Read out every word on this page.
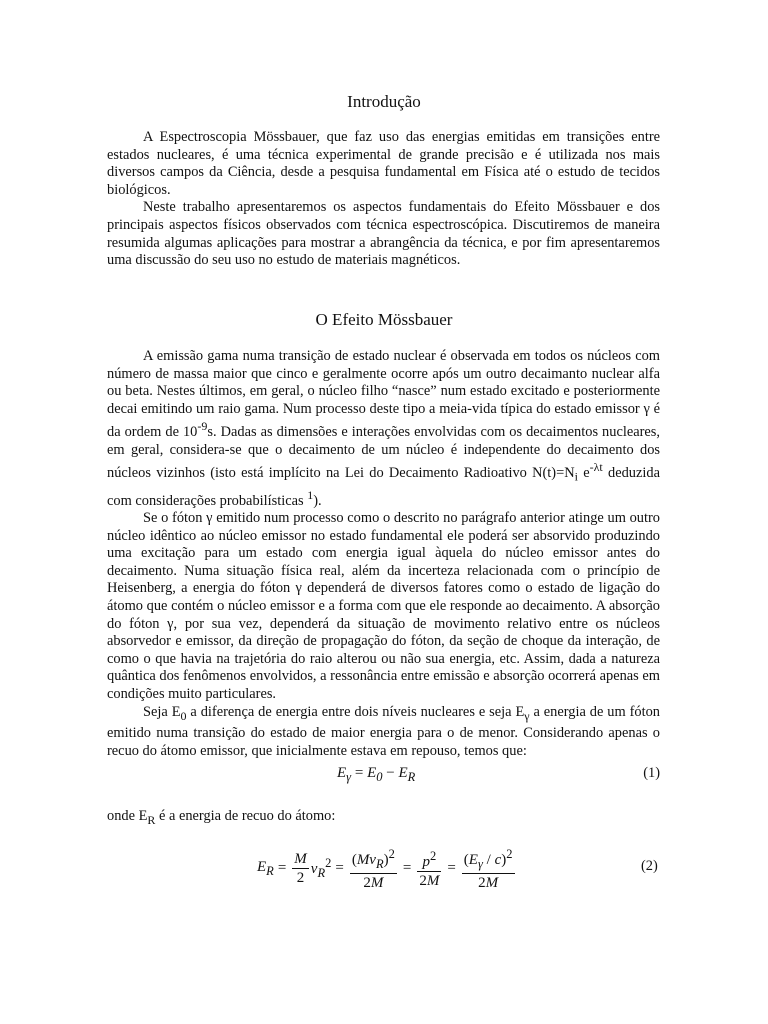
Introdução

A Espectroscopia Mössbauer, que faz uso das energias emitidas em transições entre estados nucleares, é uma técnica experimental de grande precisão e é utilizada nos mais diversos campos da Ciência, desde a pesquisa fundamental em Física até o estudo de tecidos biológicos.

Neste trabalho apresentaremos os aspectos fundamentais do Efeito Mössbauer e dos principais aspectos físicos observados com técnica espectroscópica. Discutiremos de maneira resumida algumas aplicações para mostrar a abrangência da técnica, e por fim apresentaremos uma discussão do seu uso no estudo de materiais magnéticos.

O Efeito Mössbauer

A emissão gama numa transição de estado nuclear é observada em todos os núcleos com número de massa maior que cinco e geralmente ocorre após um outro decaimanto nuclear alfa ou beta. Nestes últimos, em geral, o núcleo filho “nasce” num estado excitado e posteriormente decai emitindo um raio gama. Num processo deste tipo a meia-vida típica do estado emissor γ é da ordem de $10^{-9}s$. Dadas as dimensões e interações envolvidas com os decaimentos nucleares, em geral, considera-se que o decaimento de um núcleo é independente do decaimento dos núcleos vizinhos (isto está implícito na Lei do Decaimento Radioativo $N(t)=N_i$ $e^{-\lambda t}$ deduzida com considerações probabilísticas $^1$).

Se o fóton γ emitido num processo como o descrito no parágrafo anterior atinge um outro núcleo idêntico ao núcleo emissor no estado fundamental ele poderá ser absorvido produzindo uma excitação para um estado com energia igual àquela do núcleo emissor antes do decaimento. Numa situação física real, além da incerteza relacionada com o princípio de Heisenberg, a energia do fóton γ dependerá de diversos fatores como o estado de ligação do átomo que contém o núcleo emissor e a forma com que ele responde ao decaimento. A absorção do fóton γ, por sua vez, dependerá da situação de movimento relativo entre os núcleos absorvedor e emissor, da direção de propagação do fóton, da seção de choque da interação, de como o que havia na trajetória do raio alterou ou não sua energia, etc. Assim, dada a natureza quântica dos fenômenos envolvidos, a ressonância entre emissão e absorção ocorrerá apenas em condições muito particulares.

Seja $E_0$ a diferença de energia entre dois níveis nucleares e seja $E_\gamma$ a energia de um fóton emitido numa transição do estado de maior energia para o de menor. Considerando apenas o recuo do átomo emissor, que inicialmente estava em repouso, temos que:

$E_\gamma = E_0 - E_R$	(1)

onde $E_R$ é a energia de recuo do átomo:

$E_R = \frac{M}{2} v_R^2 = \frac{(Mv_R)^2}{2M} = \frac{p^2}{2M} = \frac{(E_\gamma / c)^2}{2M}$	(2)
